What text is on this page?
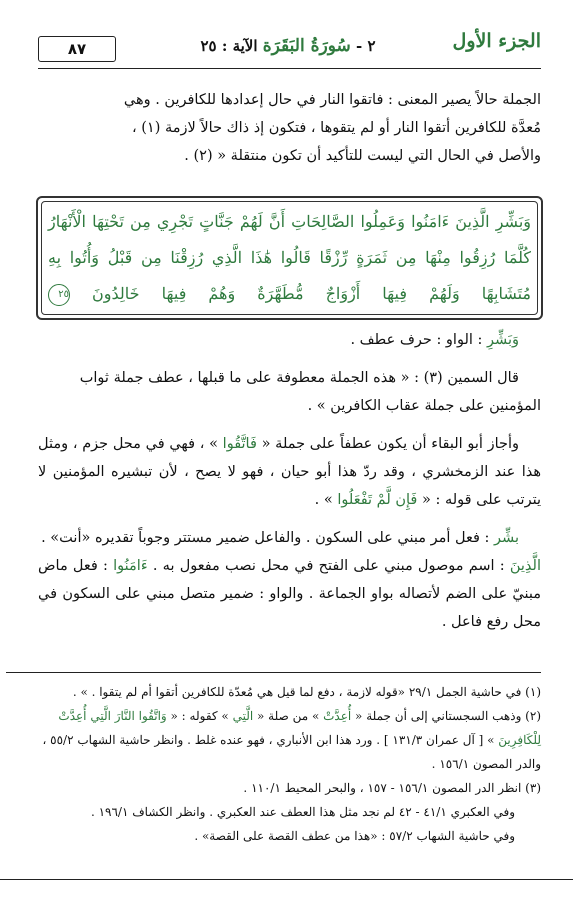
٨٧	٢ - سُورَةُ البَقَرَة الآية : ٢٥	الجزء الأول
الجملة حالاً يصير المعنى : فاتقوا النار في حال إعدادها للكافرين . وهي
مُعدَّة للكافرين أتقوا النار أو لم يتقوها ، فتكون إذ ذاك حالاً لازمة (١) ،
والأصل في الحال التي ليست للتأكيد أن تكون منتقلة « (٢) .
وَبَشِّرِ الَّذِينَ ءَامَنُوا وَعَمِلُوا الصَّالِحَاتِ أَنَّ لَهُمْ جَنَّاتٍ تَجْرِي مِن تَحْتِهَا الْأَنْهَارُ كُلَّمَا رُزِقُوا مِنْهَا مِن ثَمَرَةٍ رِّزْقًا قَالُوا هَٰذَا الَّذِي رُزِقْنَا مِن قَبْلُ وَأُتُوا بِهِ مُتَشَابِهًا وَلَهُمْ فِيهَا أَزْوَاجٌ مُّطَهَّرَةٌ وَهُمْ فِيهَا خَالِدُونَ ٢٥
وَبَشِّرِ : الواو : حرف عطف .
قال السمين (٣) : « هذه الجملة معطوفة على ما قبلها ، عطف جملة ثواب
المؤمنين على جملة عقاب الكافرين » .
وأجاز أبو البقاء أن يكون عطفاً على جملة « فَاتَّقُوا » ، فهي في محل جزم ، ومثل هذا عند الزمخشري ، وقد ردّ هذا أبو حيان ، فهو لا يصح ، لأن تبشيره المؤمنين لا يترتب على قوله : « فَإِن لَّمْ تَفْعَلُوا » .
بشِّر : فعل أمر مبني على السكون . والفاعل ضمير مستتر وجوباً تقديره «أنت» .
الَّذِينَ : اسم موصول مبني على الفتح في محل نصب مفعول به . ءَامَنُوا : فعل ماض مبنيّ على الضم لأتصاله بواو الجماعة . والواو : ضمير متصل مبني على السكون في محل رفع فاعل .
(١) في حاشية الجمل ٢٩/١ «قوله لازمة ، دفع لما قيل هي مُعدّة للكافرين أتقوا أم لم يتقوا . » .
(٢) وذهب السجستاني إلى أن جملة « أُعِدَّتْ » من صلة « الَّتِي » كقوله : « وَاتَّقُوا النَّارَ الَّتِي أُعِدَّتْ لِلْكَافِرِينَ » [ آل عمران ١٣١/٣ ] . ورد هذا ابن الأنباري ، فهو عنده غلط . وانظر حاشية الشهاب ٥٥/٢ ، والدر المصون ١٥٦/١ .
(٣) انظر الدر المصون ١٥٦/١ - ١٥٧ ، والبحر المحيط ١١٠/١ .
وفي العكبري ٤١/١ - ٤٢ لم نجد مثل هذا العطف عند العكبري . وانظر الكشاف ١٩٦/١ .
وفي حاشية الشهاب ٥٧/٢ : «هذا من عطف القصة على القصة» .
